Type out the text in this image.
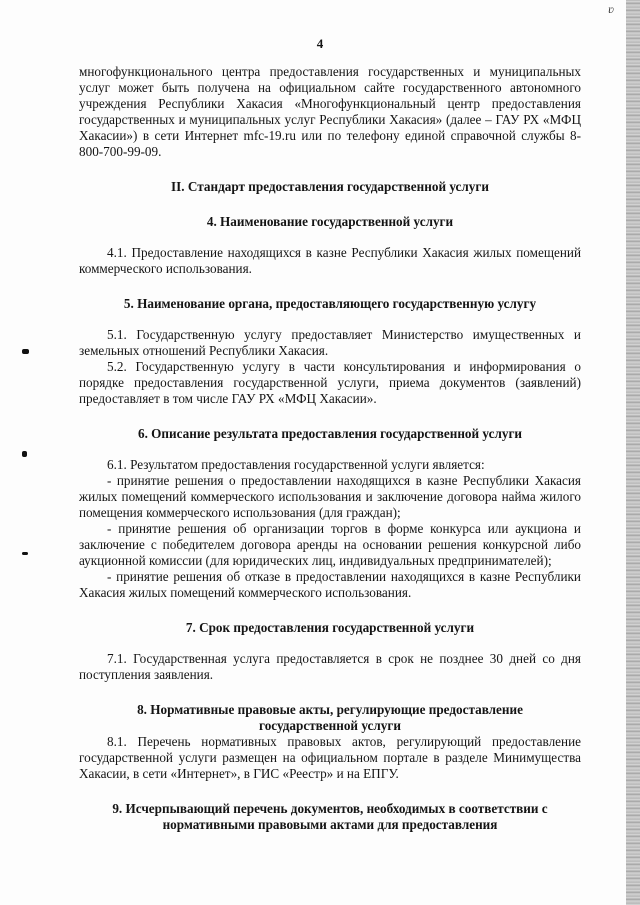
ʋ
4

многофункционального центра предоставления государственных и муниципальных услуг может быть получена на официальном сайте государственного автономного учреждения Республики Хакасия «Многофункциональный центр предоставления государственных и муниципальных услуг Республики Хакасия» (далее – ГАУ РХ «МФЦ Хакасии») в сети Интернет mfc-19.ru или по телефону единой справочной службы 8-800-700-99-09.

II. Стандарт предоставления государственной услуги

4. Наименование государственной услуги

4.1. Предоставление находящихся в казне Республики Хакасия жилых помещений коммерческого использования.

5. Наименование органа, предоставляющего государственную услугу

5.1. Государственную услугу предоставляет Министерство имущественных и земельных отношений Республики Хакасия.

5.2. Государственную услугу в части консультирования и информирования о порядке предоставления государственной услуги, приема документов (заявлений) предоставляет в том числе ГАУ РХ «МФЦ Хакасии».

6. Описание результата предоставления государственной услуги

6.1. Результатом предоставления государственной услуги является:

- принятие решения о предоставлении находящихся в казне Республики Хакасия жилых помещений коммерческого использования и заключение договора найма жилого помещения коммерческого использования (для граждан);

- принятие решения об организации торгов в форме конкурса или аукциона и заключение с победителем договора аренды на основании решения конкурсной либо аукционной комиссии (для юридических лиц, индивидуальных предпринимателей);

- принятие решения об отказе в предоставлении находящихся в казне Республики Хакасия жилых помещений коммерческого использования.

7. Срок предоставления государственной услуги

7.1. Государственная услуга предоставляется в срок не позднее 30 дней со дня поступления заявления.

8. Нормативные правовые акты, регулирующие предоставление

государственной услуги

8.1. Перечень нормативных правовых актов, регулирующий предоставление государственной услуги размещен на официальном портале в разделе Минимущества Хакасии, в сети «Интернет», в ГИС «Реестр» и на ЕПГУ.

9. Исчерпывающий перечень документов, необходимых в соответствии с

нормативными правовыми актами для предоставления
